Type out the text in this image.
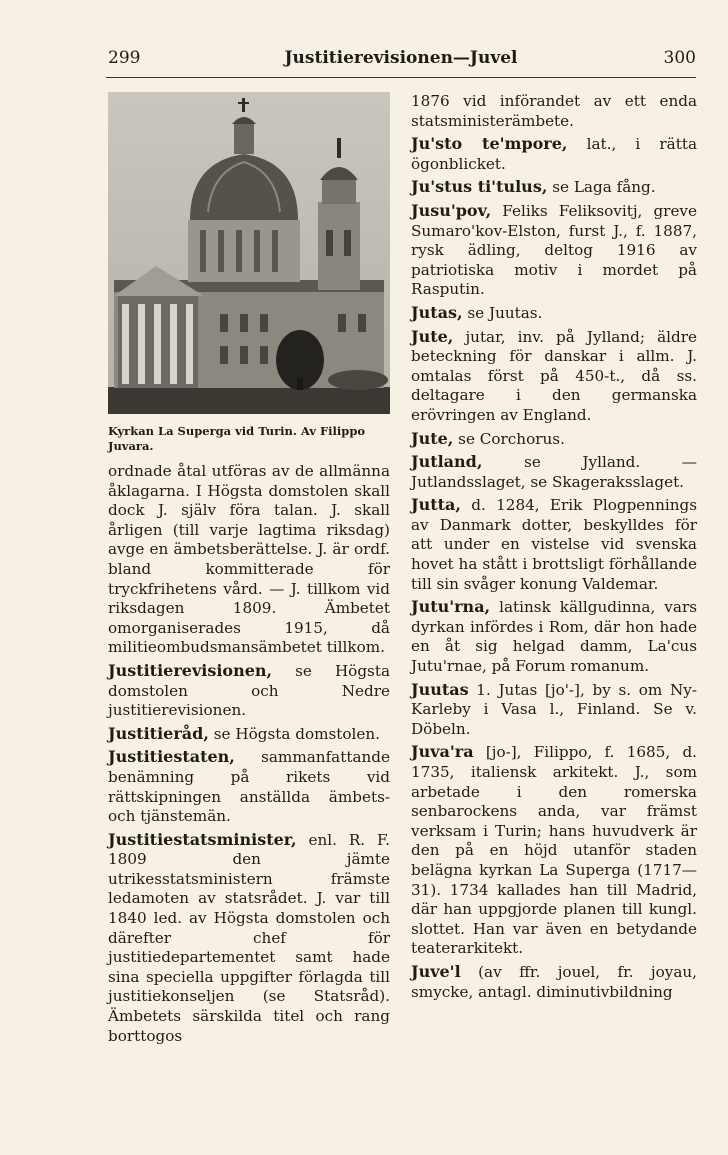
299	Justitierevisionen—Juvel	300
Kyrkan La Superga vid Turin. Av Filippo Juvara.

ordnade åtal utföras av de allmänna åklagarna. I Högsta domstolen skall dock J. själv föra talan. J. skall årligen (till varje lagtima riksdag) avge en ämbetsberättelse. J. är ordf. bland kommitterade för tryckfrihetens vård. — J. tillkom vid riksdagen 1809. Ämbetet omorganiserades 1915, då militieombudsmansämbetet tillkom.

Justitierevisionen, se Högsta domstolen och Nedre justitierevisionen.

Justitieråd, se Högsta domstolen.

Justitiestaten, sammanfattande benämning på rikets vid rättskipningen anställda ämbets- och tjänstemän.

Justitiestatsminister, enl. R. F. 1809 den jämte utrikesstatsministern främste ledamoten av statsrådet. J. var till 1840 led. av Högsta domstolen och därefter chef för justitiedepartementet samt hade sina speciella uppgifter förlagda till justitiekonseljen (se Statsråd). Ämbetets särskilda titel och rang borttogos

1876 vid införandet av ett enda statsministerämbete.

Ju'sto te'mpore, lat., i rätta ögonblicket.

Ju'stus ti'tulus, se Laga fång.

Jusu'pov, Feliks Feliksovitj, greve Sumaro'kov-Elston, furst J., f. 1887, rysk ädling, deltog 1916 av patriotiska motiv i mordet på Rasputin.

Jutas, se Juutas.

Jute, jutar, inv. på Jylland; äldre beteckning för danskar i allm. J. omtalas först på 450-t., då ss. deltagare i den germanska erövringen av England.

Jute, se Corchorus.

Jutland,	se Jylland. — Jutlandsslaget, se Skageraksslaget.

Jutta, d. 1284, Erik Plogpennings av Danmark dotter, beskylldes för att under en vistelse vid svenska hovet ha stått i brottsligt förhållande till sin svåger konung Valdemar.

Jutu'rna, latinsk källgudinna, vars dyrkan infördes i Rom, där hon hade en åt sig helgad damm, La'cus Jutu'rnae, på Forum romanum.

Juutas 1. Jutas [jo'-], by s. om Ny-Karleby i Vasa l., Finland. Se v. Döbeln.

Juva'ra [jo-], Filippo, f. 1685, d. 1735, italiensk arkitekt. J., som arbetade i den romerska senbarockens anda, var främst verksam i Turin; hans huvudverk är den på en höjd utanför staden belägna kyrkan La Superga (1717—31). 1734 kallades han till Madrid, där han uppgjorde planen till kungl. slottet. Han var även en betydande teaterarkitekt.

Juve'l (av ffr. jouel, fr. joyau, smycke, antagl. diminutivbildning
